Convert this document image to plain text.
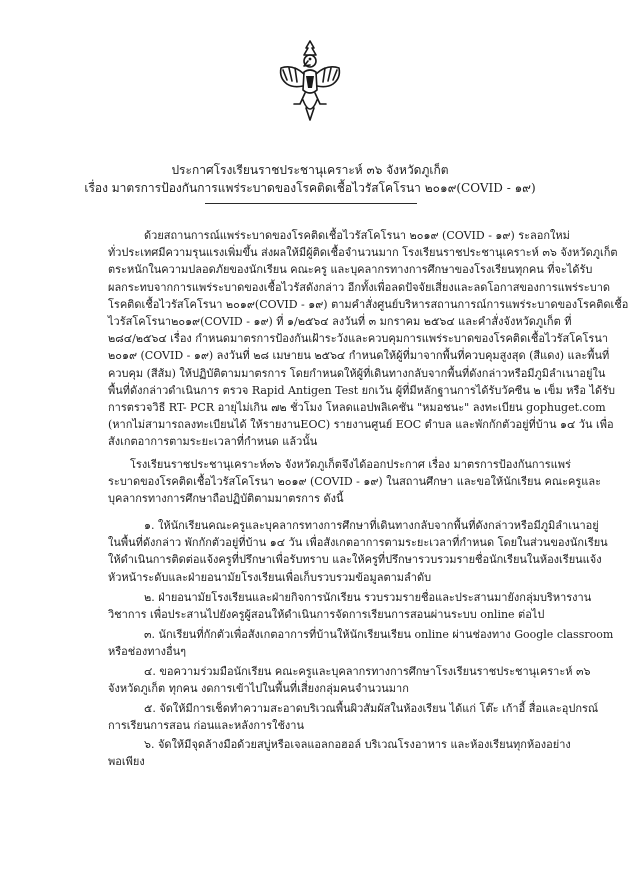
ประกาศโรงเรียนราชประชานุเคราะห์ ๓๖ จังหวัดภูเก็ต
เรื่อง มาตรการป้องกันการแพร่ระบาดของโรคติดเชื้อไวรัสโคโรนา ๒๐๑๙(COVID - ๑๙)
ด้วยสถานการณ์แพร่ระบาดของโรคติดเชื้อไวรัสโคโรนา ๒๐๑๙ (COVID - ๑๙) ระลอกใหม่
ทั่วประเทศมีความรุนแรงเพิ่มขึ้น ส่งผลให้มีผู้ติดเชื้อจำนวนมาก โรงเรียนราชประชานุเคราะห์ ๓๖ จังหวัดภูเก็ต
ตระหนักในความปลอดภัยของนักเรียน คณะครู และบุคลากรทางการศึกษาของโรงเรียนทุกคน ที่จะได้รับ
ผลกระทบจากการแพร่ระบาดของเชื้อไวรัสดังกล่าว อีกทั้งเพื่อลดปัจจัยเสี่ยงและลดโอกาสของการแพร่ระบาด
โรคติดเชื้อไวรัสโคโรนา ๒๐๑๙(COVID - ๑๙) ตามคำสั่งศูนย์บริหารสถานการณ์การแพร่ระบาดของโรคติดเชื้อ
ไวรัสโคโรนา๒๐๑๙(COVID - ๑๙) ที่ ๑/๒๕๖๔ ลงวันที่ ๓ มกราคม ๒๕๖๔ และคำสั่งจังหวัดภูเก็ต ที่
๒๘๔/๒๕๖๔ เรื่อง กำหนดมาตรการป้องกันเฝ้าระวังและควบคุมการแพร่ระบาดของโรคติดเชื้อไวรัสโคโรนา
๒๐๑๙ (COVID - ๑๙) ลงวันที่ ๒๘ เมษายน ๒๕๖๔ กำหนดให้ผู้ที่มาจากพื้นที่ควบคุมสูงสุด (สีแดง) และพื้นที่
ควบคุม (สีส้ม) ให้ปฏิบัติตามมาตรการ โดยกำหนดให้ผู้ที่เดินทางกลับจากพื้นที่ดังกล่าวหรือมีภูมิลำเนาอยู่ใน
พื้นที่ดังกล่าวดำเนินการ ตรวจ Rapid Antigen Test ยกเว้น ผู้ที่มีหลักฐานการได้รับวัคซีน ๒ เข็ม หรือ ได้รับ
การตรวจวิธี RT- PCR อายุไม่เกิน ๗๒ ชั่วโมง โหลดแอปพลิเคชัน "หมอชนะ" ลงทะเบียน gophuget.com
(หากไม่สามารถลงทะเบียนได้ ให้รายงานEOC) รายงานศูนย์ EOC ตำบล และพักกักตัวอยู่ที่บ้าน ๑๔ วัน เพื่อ
สังเกตอาการตามระยะเวลาที่กำหนด แล้วนั้น
โรงเรียนราชประชานุเคราะห์๓๖ จังหวัดภูเก็ตจึงได้ออกประกาศ เรื่อง มาตรการป้องกันการแพร่
ระบาดของโรคติดเชื้อไวรัสโคโรนา ๒๐๑๙ (COVID - ๑๙) ในสถานศึกษา และขอให้นักเรียน คณะครูและ
บุคลากรทางการศึกษาถือปฏิบัติตามมาตรการ ดังนี้
๑. ให้นักเรียนคณะครูและบุคลากรทางการศึกษาที่เดินทางกลับจากพื้นที่ดังกล่าวหรือมีภูมิลำเนาอยู่
ในพื้นที่ดังกล่าว พักกักตัวอยู่ที่บ้าน ๑๔ วัน เพื่อสังเกตอาการตามระยะเวลาที่กำหนด โดยในส่วนของนักเรียน
ให้ดำเนินการติดต่อแจ้งครูที่ปรึกษาเพื่อรับทราบ และให้ครูที่ปรึกษารวบรวมรายชื่อนักเรียนในห้องเรียนแจ้ง
หัวหน้าระดับและฝ่ายอนามัยโรงเรียนเพื่อเก็บรวบรวมข้อมูลตามลำดับ
๒. ฝ่ายอนามัยโรงเรียนและฝ่ายกิจการนักเรียน รวบรวมรายชื่อและประสานมายังกลุ่มบริหารงาน
วิชาการ เพื่อประสานไปยังครูผู้สอนให้ดำเนินการจัดการเรียนการสอนผ่านระบบ online ต่อไป
๓. นักเรียนที่กักตัวเพื่อสังเกตอาการที่บ้านให้นักเรียนเรียน online ผ่านช่องทาง Google classroom
หรือช่องทางอื่นๆ
๔. ขอความร่วมมือนักเรียน คณะครูและบุคลากรทางการศึกษาโรงเรียนราชประชานุเคราะห์ ๓๖
จังหวัดภูเก็ต ทุกคน งดการเข้าไปในพื้นที่เสี่ยงกลุ่มคนจำนวนมาก
๕. จัดให้มีการเช็ดทำความสะอาดบริเวณพื้นผิวสัมผัสในห้องเรียน ได้แก่ โต๊ะ เก้าอี้ สื่อและอุปกรณ์
การเรียนการสอน ก่อนและหลังการใช้งาน
๖. จัดให้มีจุดล้างมือด้วยสบู่หรือเจลแอลกอฮอล์ บริเวณโรงอาหาร และห้องเรียนทุกห้องอย่าง
พอเพียง
